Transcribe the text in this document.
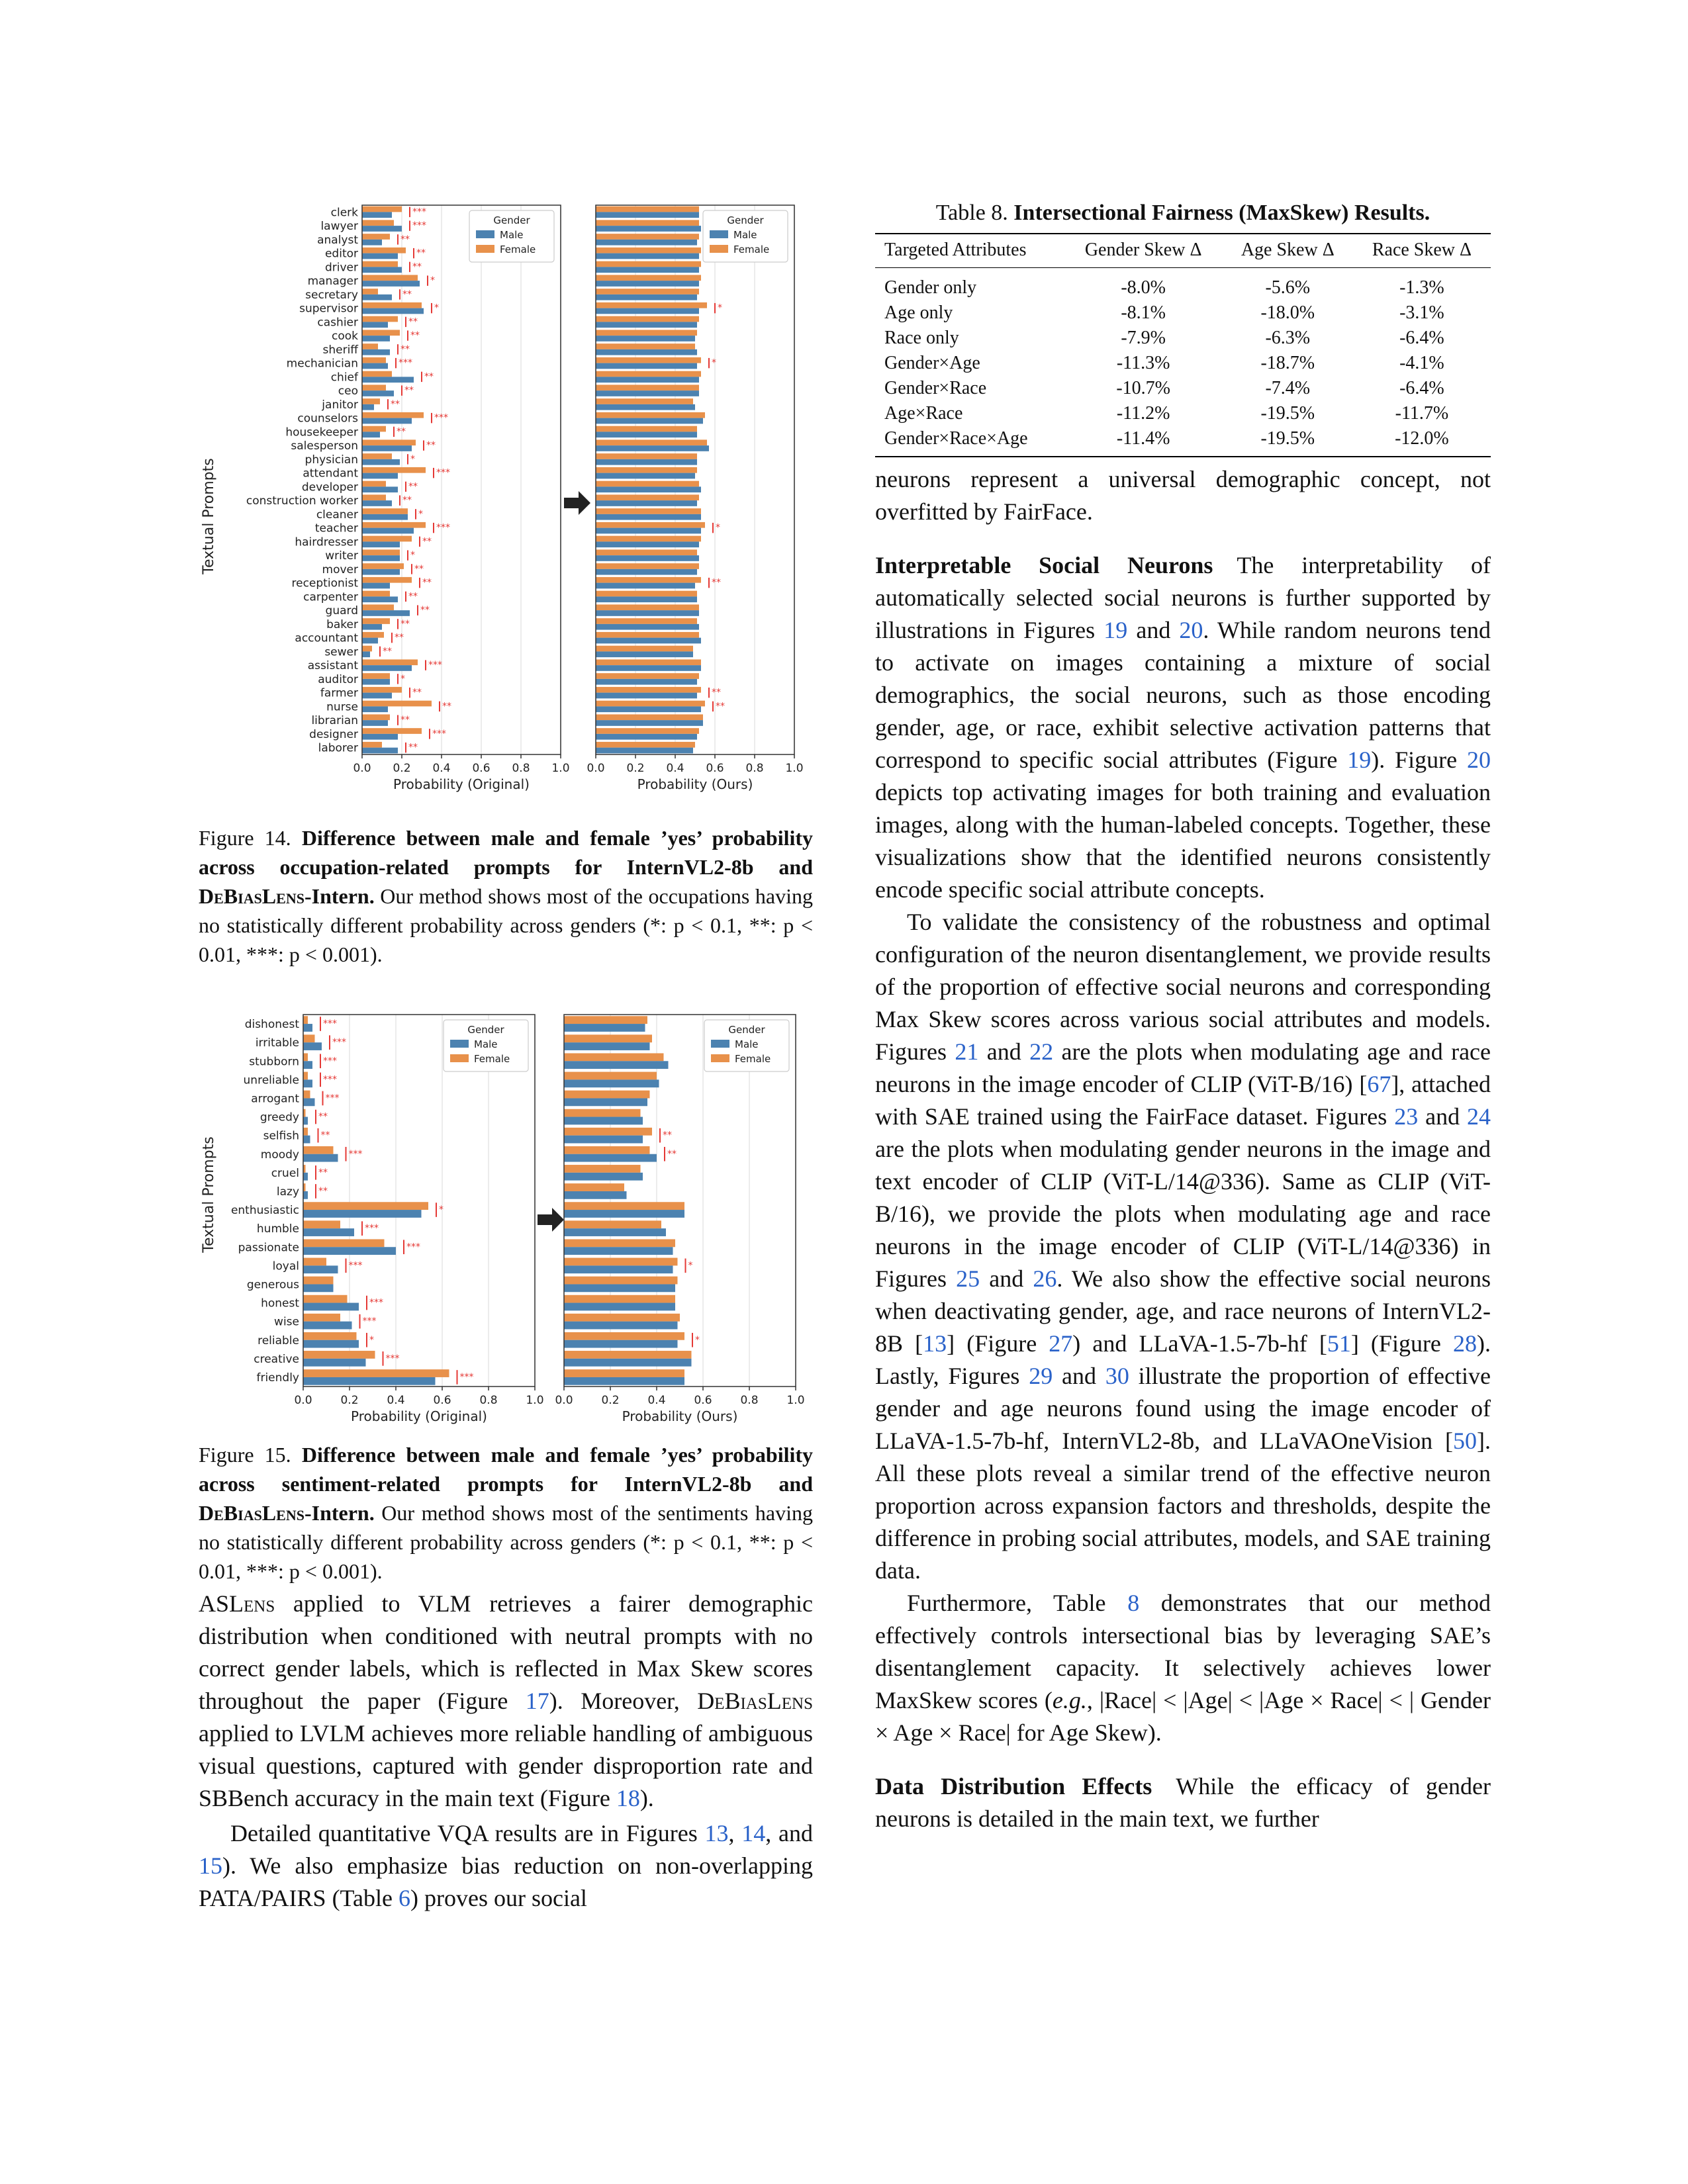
Textual Prompts
0.0 0.2 0.4 0.6 0.8 1.0
clerk	***
lawyer	***
analyst	**
editor	**
driver	**
manager	*
secretary	**
supervisor	*
cashier	**
cook	**
sheriff	**
mechanician	***
chief	**
ceo	**
janitor	**
counselors	***
housekeeper	**
salesperson	**
physician	*
attendant	***
developer	**
construction worker	**
cleaner	*
teacher	***
hairdresser	**
writer	*
mover	**
receptionist	**
carpenter	**
guard	**
baker	**
accountant	**
sewer	**
assistant	***
auditor	*
farmer	**
nurse	**
librarian	**
designer	***
laborer	**
Probability (Original)
Gender
Male
Female
0.0 0.2 0.4 0.6 0.8 1.0
*
*
*
**
**
**
Probability (Ours)
Gender
Male
Female
Figure 14. Difference between male and female ’yes’ probability across occupation-related prompts for InternVL2-8b and DeBiasLens-Intern. Our method shows most of the occupations having no statistically different probability across genders (*: p < 0.1, **: p < 0.01, ***: p < 0.001).
Textual Prompts
0.0	0.2	0.4	0.6	0.8	1.0
dishonest	***
irritable	***
stubborn	***
unreliable	***
arrogant	***
greedy **
selfish **
moody	***
cruel **
lazy **
enthusiastic	*
humble	***
passionate	***
loyal	***
generous
honest	***
wise	***
reliable	*
creative	***
friendly	***
Probability (Original)
Gender
Male
Female
0.0	0.2	0.4	0.6	0.8	1.0
**
**
*
*
Probability (Ours)
Gender
Male
Female
Figure 15. Difference between male and female ’yes’ probability across sentiment-related prompts for InternVL2-8b and DeBiasLens-Intern. Our method shows most of the sentiments having no statistically different probability across genders (*: p < 0.1, **: p < 0.01, ***: p < 0.001).

ASLens applied to VLM retrieves a fairer demographic distribution when conditioned with neutral prompts with no correct gender labels, which is reflected in Max Skew scores throughout the paper (Figure 17). Moreover, DeBiasLens applied to LVLM achieves more reliable handling of ambiguous visual questions, captured with gender disproportion rate and SBBench accuracy in the main text (Figure 18).

Detailed quantitative VQA results are in Figures 13, 14, and 15). We also emphasize bias reduction on non-overlapping PATA/PAIRS (Table 6) proves our social

Table 8. Intersectional Fairness (MaxSkew) Results.
Targeted Attributes	Gender Skew Δ	Age Skew Δ	Race Skew Δ
Gender only	-8.0%	-5.6%	-1.3%
Age only	-8.1%	-18.0%	-3.1%
Race only	-7.9%	-6.3%	-6.4%
Gender×Age	-11.3%	-18.7%	-4.1%
Gender×Race	-10.7%	-7.4%	-6.4%
Age×Race	-11.2%	-19.5%	-11.7%
Gender×Race×Age	-11.4%	-19.5%	-12.0%

neurons represent a universal demographic concept, not overfitted by FairFace.

Interpretable Social Neurons  The interpretability of automatically selected social neurons is further supported by illustrations in Figures 19 and 20. While random neurons tend to activate on images containing a mixture of social demographics, the social neurons, such as those encoding gender, age, or race, exhibit selective activation patterns that correspond to specific social attributes (Figure 19). Figure 20 depicts top activating images for both training and evaluation images, along with the human-labeled concepts. Together, these visualizations show that the identified neurons consistently encode specific social attribute concepts.

To validate the consistency of the robustness and optimal configuration of the neuron disentanglement, we provide results of the proportion of effective social neurons and corresponding Max Skew scores across various social attributes and models. Figures 21 and 22 are the plots when modulating age and race neurons in the image encoder of CLIP (ViT-B/16) [67], attached with SAE trained using the FairFace dataset. Figures 23 and 24 are the plots when modulating gender neurons in the image and text encoder of CLIP (ViT-L/14@336). Same as CLIP (ViT-B/16), we provide the plots when modulating age and race neurons in the image encoder of CLIP (ViT-L/14@336) in Figures 25 and 26. We also show the effective social neurons when deactivating gender, age, and race neurons of InternVL2-8B [13] (Figure 27) and LLaVA-1.5-7b-hf [51] (Figure 28). Lastly, Figures 29 and 30 illustrate the proportion of effective gender and age neurons found using the image encoder of LLaVA-1.5-7b-hf, InternVL2-8b, and LLaVAOneVision [50]. All these plots reveal a similar trend of the effective neuron proportion across expansion factors and thresholds, despite the difference in probing social attributes, models, and SAE training data.

Furthermore, Table 8 demonstrates that our method effectively controls intersectional bias by leveraging SAE’s disentanglement capacity. It selectively achieves lower MaxSkew scores (e.g., |Race| < |Age| < |Age × Race| < | Gender × Age × Race| for Age Skew).

Data Distribution Effects  While the efficacy of gender neurons is detailed in the main text, we further
